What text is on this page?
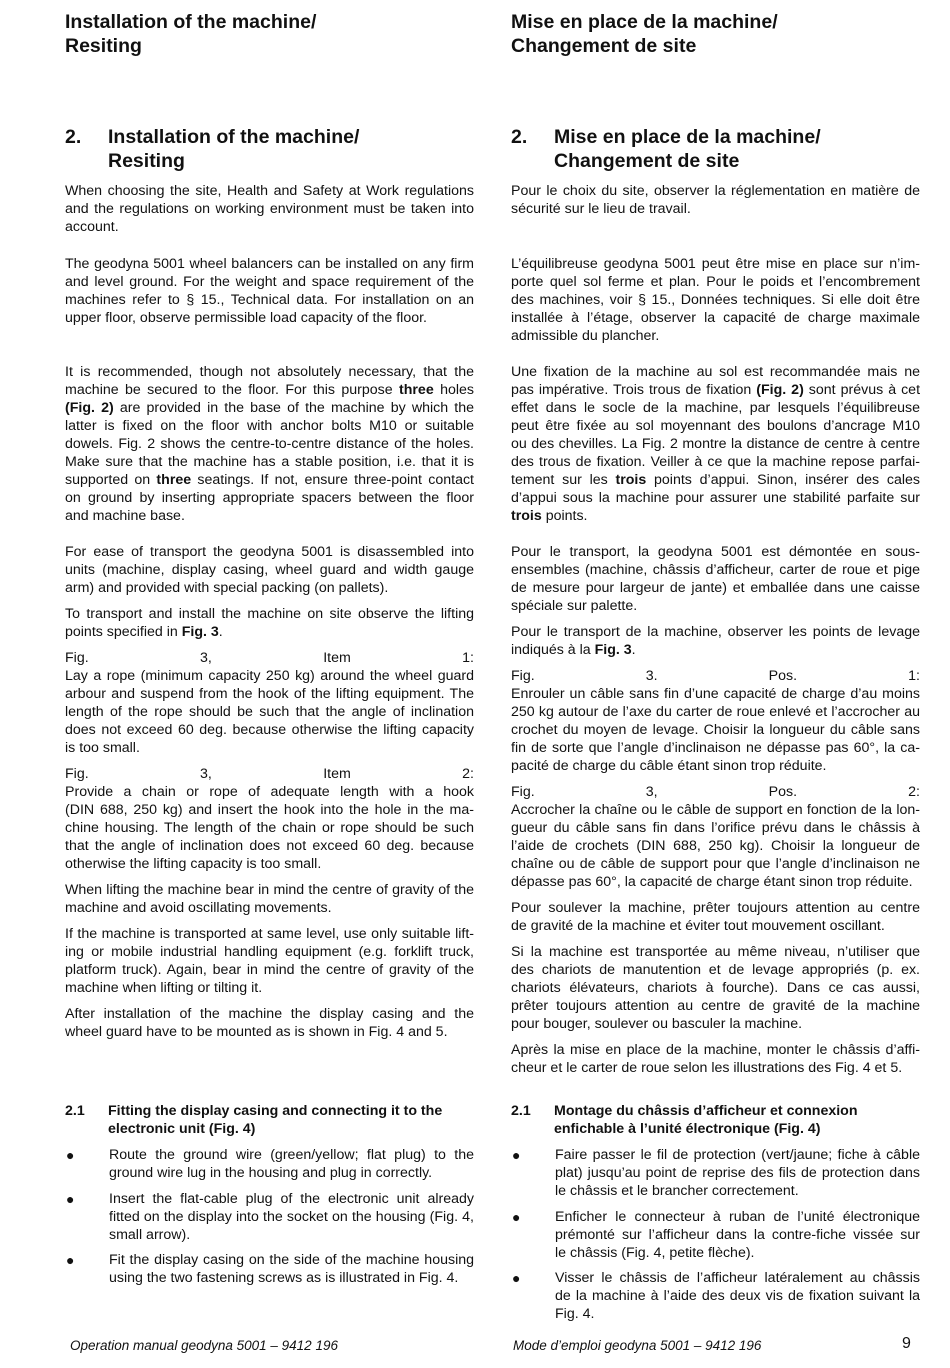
Installation of the machine/
Resiting
2.	Installation of the machine/
Resiting

When choosing the site, Health and Safety at Work regulations
and the regulations on working environment must be taken into
account.

The geodyna 5001 wheel balancers can be installed on any firm
and level ground. For the weight and space requirement of the
machines refer to § 15., Technical data. For installation on an
upper floor, observe permissible load capacity of the floor.

It is recommended, though not absolutely necessary, that the
machine be secured to the floor. For this purpose three holes
(Fig. 2) are provided in the base of the machine by which the
latter is fixed on the floor with anchor bolts M10 or suitable
dowels. Fig. 2 shows the centre-to-centre distance of the holes.
Make sure that the machine has a stable position, i.e. that it is
supported on three seatings. If not, ensure three-point contact
on ground by inserting appropriate spacers between the floor
and machine base.

For ease of transport the geodyna 5001 is disassembled into
units (machine, display casing, wheel guard and width gauge
arm) and provided with special packing (on pallets).

To transport and install the machine on site observe the lifting
points specified in Fig. 3.

Fig. 3, Item 1:
Lay a rope (minimum capacity 250 kg) around the wheel guard
arbour and suspend from the hook of the lifting equipment. The
length of the rope should be such that the angle of inclination
does not exceed 60 deg. because otherwise the lifting capacity
is too small.

Fig. 3, Item 2:
Provide a chain or rope of adequate length with a hook
(DIN 688, 250 kg) and insert the hook into the hole in the ma-
chine housing. The length of the chain or rope should be such
that the angle of inclination does not exceed 60 deg. because
otherwise the lifting capacity is too small.

When lifting the machine bear in mind the centre of gravity of the
machine and avoid oscillating movements.

If the machine is transported at same level, use only suitable lift-
ing or mobile industrial handling equipment (e.g. forklift truck,
platform truck). Again, bear in mind the centre of gravity of the
machine when lifting or tilting it.

After installation of the machine the display casing and the
wheel guard have to be mounted as is shown in Fig. 4 and 5.

2.1	Fitting the display casing and connecting it to the
electronic unit (Fig. 4)
●	Route the ground wire (green/yellow; flat plug) to the
ground wire lug in the housing and plug in correctly.
●	Insert the flat-cable plug of the electronic unit already
fitted on the display into the socket on the housing (Fig. 4,
small arrow).
●	Fit the display casing on the side of the machine housing
using the two fastening screws as is illustrated in Fig. 4.
Mise en place de la machine/
Changement de site
2.	Mise en place de la machine/
Changement de site

Pour le choix du site, observer la réglementation en matière de
sécurité sur le lieu de travail.

L’équilibreuse geodyna 5001 peut être mise en place sur n’im-
porte quel sol ferme et plan. Pour le poids et l’encombrement
des machines, voir § 15., Données techniques. Si elle doit être
installée à l’étage, observer la capacité de charge maximale
admissible du plancher.

Une fixation de la machine au sol est recommandée mais ne
pas impérative. Trois trous de fixation (Fig. 2) sont prévus à cet
effet dans le socle de la machine, par lesquels l’équilibreuse
peut être fixée au sol moyennant des boulons d’ancrage M10
ou des chevilles. La Fig. 2 montre la distance de centre à centre
des trous de fixation. Veiller à ce que la machine repose parfai-
tement sur les trois points d’appui. Sinon, insérer des cales
d’appui sous la machine pour assurer une stabilité parfaite sur
trois points.

Pour le transport, la geodyna 5001 est démontée en sous-
ensembles (machine, châssis d’afficheur, carter de roue et pige
de mesure pour largeur de jante) et emballée dans une caisse
spéciale sur palette.

Pour le transport de la machine, observer les points de levage
indiqués à la Fig. 3.

Fig. 3. Pos. 1:
Enrouler un câble sans fin d’une capacité de charge d’au moins
250 kg autour de l’axe du carter de roue enlevé et l’accrocher au
crochet du moyen de levage. Choisir la longueur du câble sans
fin de sorte que l’angle d’inclinaison ne dépasse pas 60°, la ca-
pacité de charge du câble étant sinon trop réduite.

Fig. 3, Pos. 2:
Accrocher la chaîne ou le câble de support en fonction de la lon-
gueur du câble sans fin dans l’orifice prévu dans le châssis à
l’aide de crochets (DIN 688, 250 kg). Choisir la longueur de
chaîne ou de câble de support pour que l’angle d’inclinaison ne
dépasse pas 60°, la capacité de charge étant sinon trop réduite.

Pour soulever la machine, prêter toujours attention au centre
de gravité de la machine et éviter tout mouvement oscillant.

Si la machine est transportée au même niveau, n’utiliser que
des chariots de manutention et de levage appropriés (p. ex.
chariots élévateurs, chariots à fourche). Dans ce cas aussi,
prêter toujours attention au centre de gravité de la machine
pour bouger, soulever ou basculer la machine.

Après la mise en place de la machine, monter le châssis d’affi-
cheur et le carter de roue selon les illustrations des Fig. 4 et 5.

2.1	Montage du châssis d’afficheur et connexion
enfichable à l’unité électronique (Fig. 4)
●	Faire passer le fil de protection (vert/jaune; fiche à câble
plat) jusqu’au point de reprise des fils de protection dans
le châssis et le brancher correctement.
●	Enficher le connecteur à ruban de l’unité électronique
prémonté sur l’afficheur dans la contre-fiche vissée sur
le châssis (Fig. 4, petite flèche).
●	Visser le châssis de l’afficheur latéralement au châssis
de la machine à l’aide des deux vis de fixation suivant la
Fig. 4.

Operation manual geodyna 5001 – 9412 196	Mode d’emploi geodyna 5001 – 9412 196	9
